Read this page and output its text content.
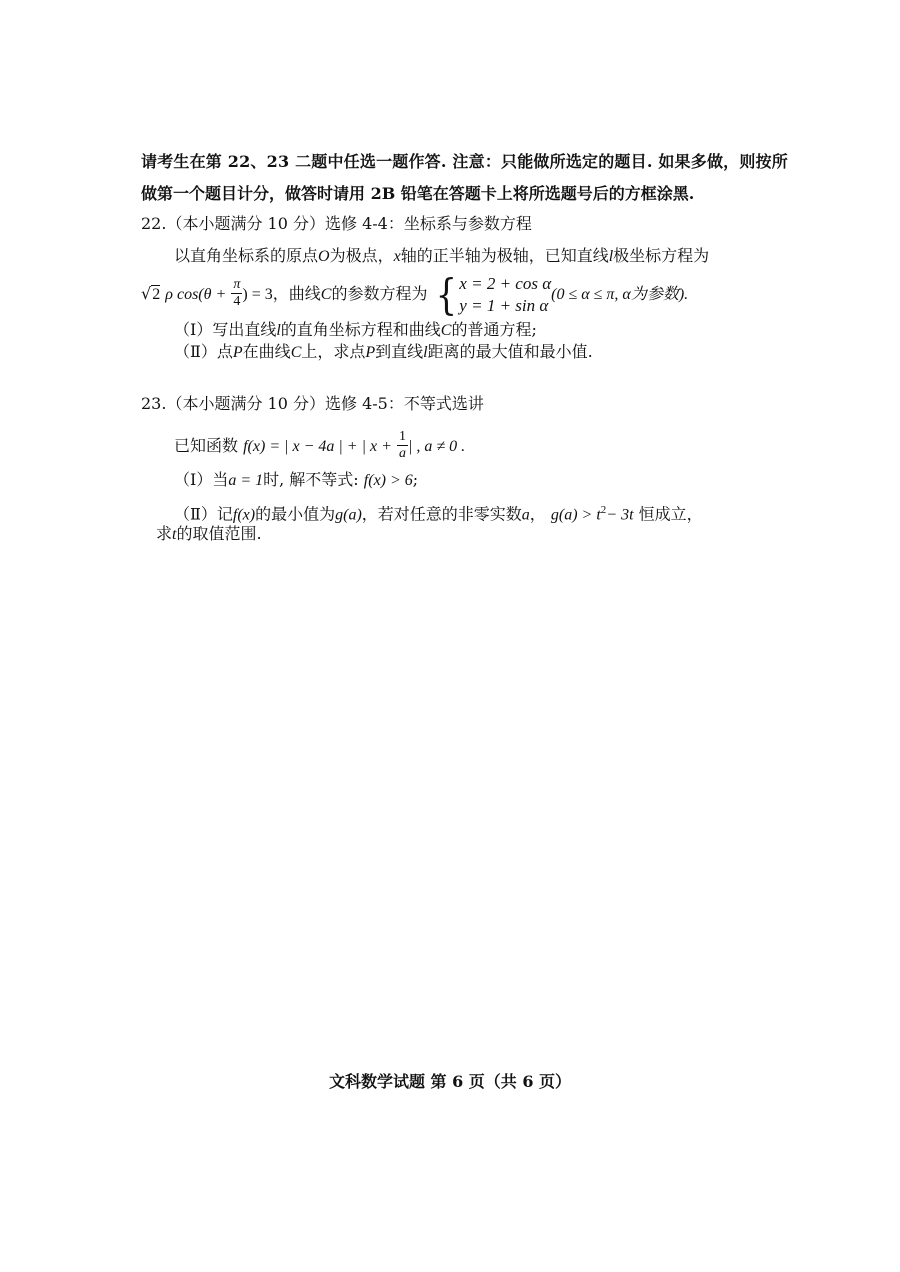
请考生在第 22、23 二题中任选一题作答. 注意：只能做所选定的题目. 如果多做，则按所
做第一个题目计分，做答时请用 2B 铅笔在答题卡上将所选题号后的方框涂黑.
22.（本小题满分 10 分）选修 4-4：坐标系与参数方程
以直角坐标系的原点O为极点，x轴的正半轴为极轴，已知直线l极坐标方程为
√2 ρ $\cos(\theta + \frac{\pi}{4}$ ) = 3，曲线C的参数方程为 { x = 2 + cos α
y = 1 + sin α
(0 ≤ α ≤ π, α为参数).
（Ⅰ）写出直线l的直角坐标方程和曲线C的普通方程;
（Ⅱ）点P在曲线C上，求点P到直线l距离的最大值和最小值.
23.（本小题满分 10 分）选修 4-5：不等式选讲
已知函数 f(x) = | x − 4a | + | $x + \frac{1}{a}$ | , a ≠ 0 .
（Ⅰ）当a = 1时, 解不等式: f(x) > 6;
（Ⅱ）记f(x)的最小值为g(a)，若对任意的非零实数a， $g(a) > t^2- 3t$ 恒成立，
求t的取值范围.
文科数学试题 第 6 页（共 6 页）
